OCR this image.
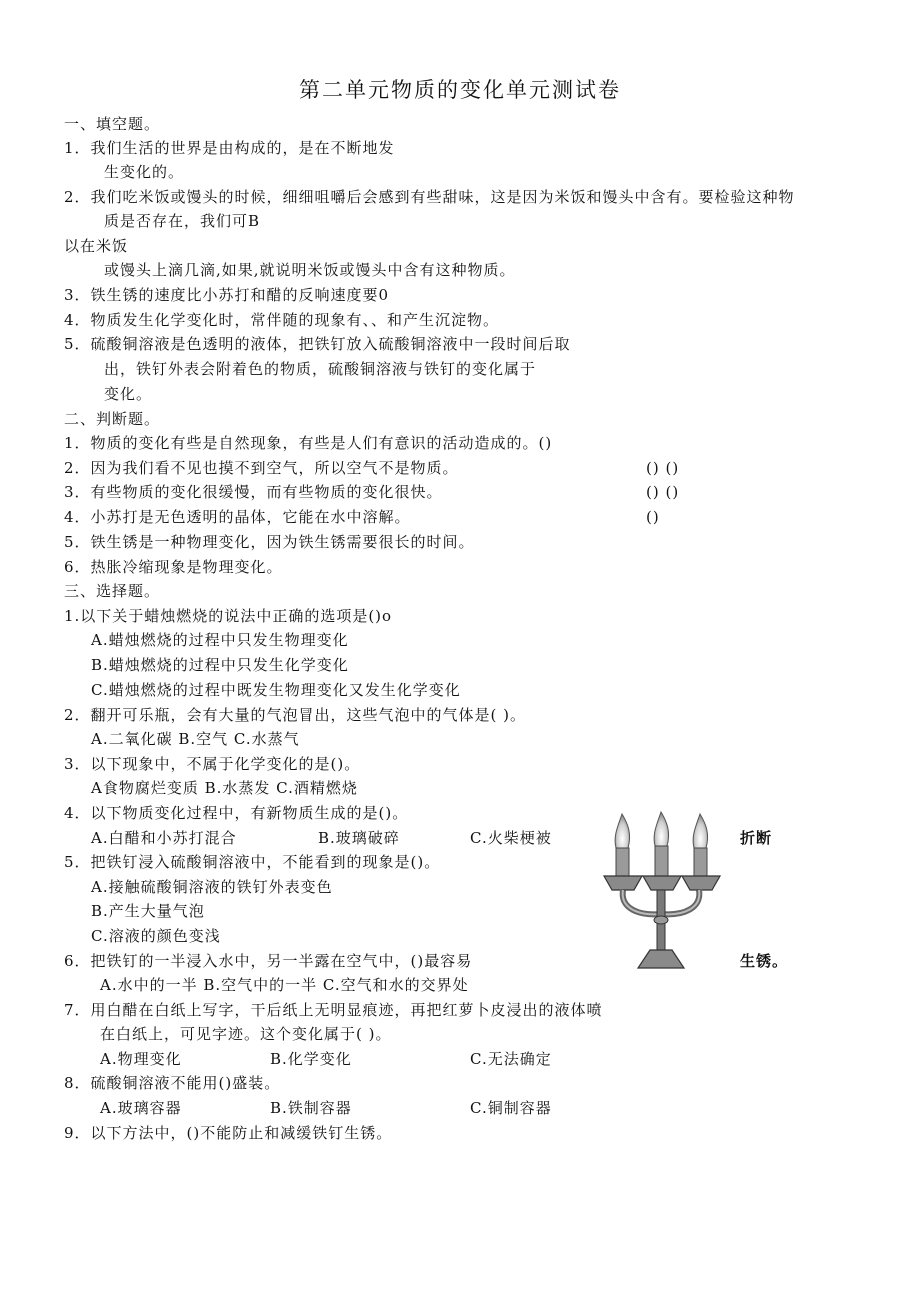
第二单元物质的变化单元测试卷
一、填空题。
1．我们生活的世界是由构成的，是在不断地发
生变化的。
2．我们吃米饭或馒头的时候，细细咀嚼后会感到有些甜味，这是因为米饭和馒头中含有。要检验这种物
质是否存在，我们可B
以在米饭
或馒头上滴几滴,如果,就说明米饭或馒头中含有这种物质。
3．铁生锈的速度比小苏打和醋的反响速度要0
4．物质发生化学变化时，常伴随的现象有、、和产生沉淀物。
5．硫酸铜溶液是色透明的液体，把铁钉放入硫酸铜溶液中一段时间后取
出，铁钉外表会附着色的物质，硫酸铜溶液与铁钉的变化属于
变化。
二、判断题。
1．物质的变化有些是自然现象，有些是人们有意识的活动造成的。()
2．因为我们看不见也摸不到空气，所以空气不是物质。	() ()
3．有些物质的变化很缓慢，而有些物质的变化很快。	() ()
4．小苏打是无色透明的晶体，它能在水中溶解。	()
5．铁生锈是一种物理变化，因为铁生锈需要很长的时间。
6．热胀冷缩现象是物理变化。
三、选择题。
1.以下关于蜡烛燃烧的说法中正确的选项是()o
A.蜡烛燃烧的过程中只发生物理变化
B.蜡烛燃烧的过程中只发生化学变化
C.蜡烛燃烧的过程中既发生物理变化又发生化学变化
2．翻开可乐瓶，会有大量的气泡冒出，这些气泡中的气体是( )。
A.二氧化碳 B.空气 C.水蒸气
3．以下现象中，不属于化学变化的是()。
A食物腐烂变质 B.水蒸发 C.酒精燃烧
4．以下物质变化过程中，有新物质生成的是()。
A.白醋和小苏打混合	B.玻璃破碎	C.火柴梗被	折断
5．把铁钉浸入硫酸铜溶液中，不能看到的现象是()。
A.接触硫酸铜溶液的铁钉外表变色
B.产生大量气泡
C.溶液的颜色变浅
6．把铁钉的一半浸入水中，另一半露在空气中，()最容易	生锈。
A.水中的一半 B.空气中的一半 C.空气和水的交界处
7．用白醋在白纸上写字，干后纸上无明显痕迹，再把红萝卜皮浸出的液体喷
在白纸上，可见字迹。这个变化属于( )。
A.物理变化	B.化学变化	C.无法确定
8．硫酸铜溶液不能用()盛装。
A.玻璃容器	B.铁制容器	C.铜制容器
9．以下方法中，()不能防止和减缓铁钉生锈。
